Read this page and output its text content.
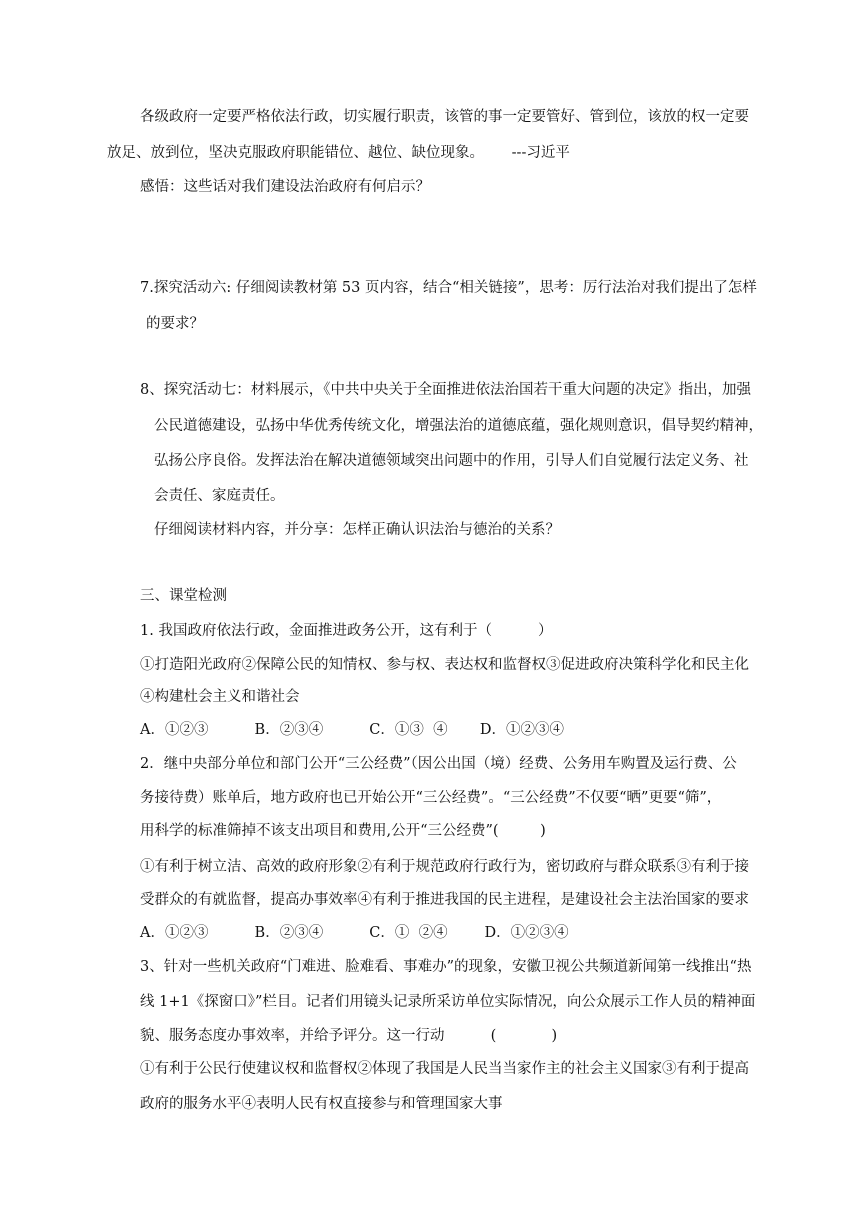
各级政府一定要严格依法行政，切实履行职责，该管的事一定要管好、管到位，该放的权一定要
放足、放到位，坚决克服政府职能错位、越位、缺位现象。      ---习近平
感悟：这些话对我们建设法治政府有何启示？
7.探究活动六: 仔细阅读教材第 53 页内容，结合“相关链接”，思考：厉行法治对我们提出了怎样
的要求？
8、探究活动七：材料展示，《中共中央关于全面推进依法治国若干重大问题的决定》指出，加强
公民道德建设，弘扬中华优秀传统文化，增强法治的道德底蕴，强化规则意识，倡导契约精神，
弘扬公序良俗。发挥法治在解决道德领域突出问题中的作用，引导人们自觉履行法定义务、社
会责任、家庭责任。
仔细阅读材料内容，并分享：怎样正确认识法治与德治的关系？
三、课堂检测
1. 我国政府依法行政，金面推进政务公开，这有利于（          ）
①打造阳光政府②保障公民的知情权、参与权、表达权和监督权③促进政府决策科学化和民主化
④构建杜会主义和谐社会
A．①②③          B．②③④          C．①③  ④       D．①②③④
2．继中央部分单位和部门公开“三公经费”（因公出国（境）经费、公务用车购置及运行费、公
务接待费）账单后，地方政府也已开始公开“三公经费”。“三公经费”不仅要“晒”更要“筛”，
用科学的标准筛掉不该支出项目和费用,公开“三公经费”(         )
①有利于树立洁、高效的政府形象②有利于规范政府行政行为，密切政府与群众联系③有利于接
受群众的有就监督，提高办事效率④有利于推进我国的民主进程，是建设社会主法治国家的要求
A．①②③          B．②③④          C．①  ②④        D．①②③④
3、针对一些机关政府“门难进、脸难看、事难办”的现象，安徽卫视公共频道新闻第一线推出“热
线 1+1《探窗口》”栏目。记者们用镜头记录所采访单位实际情况，向公众展示工作人员的精神面
貌、服务态度办事效率，并给予评分。这一行动          (            )
①有利于公民行使建议权和监督权②体现了我国是人民当当家作主的社会主义国家③有利于提高
政府的服务水平④表明人民有权直接参与和管理国家大事
